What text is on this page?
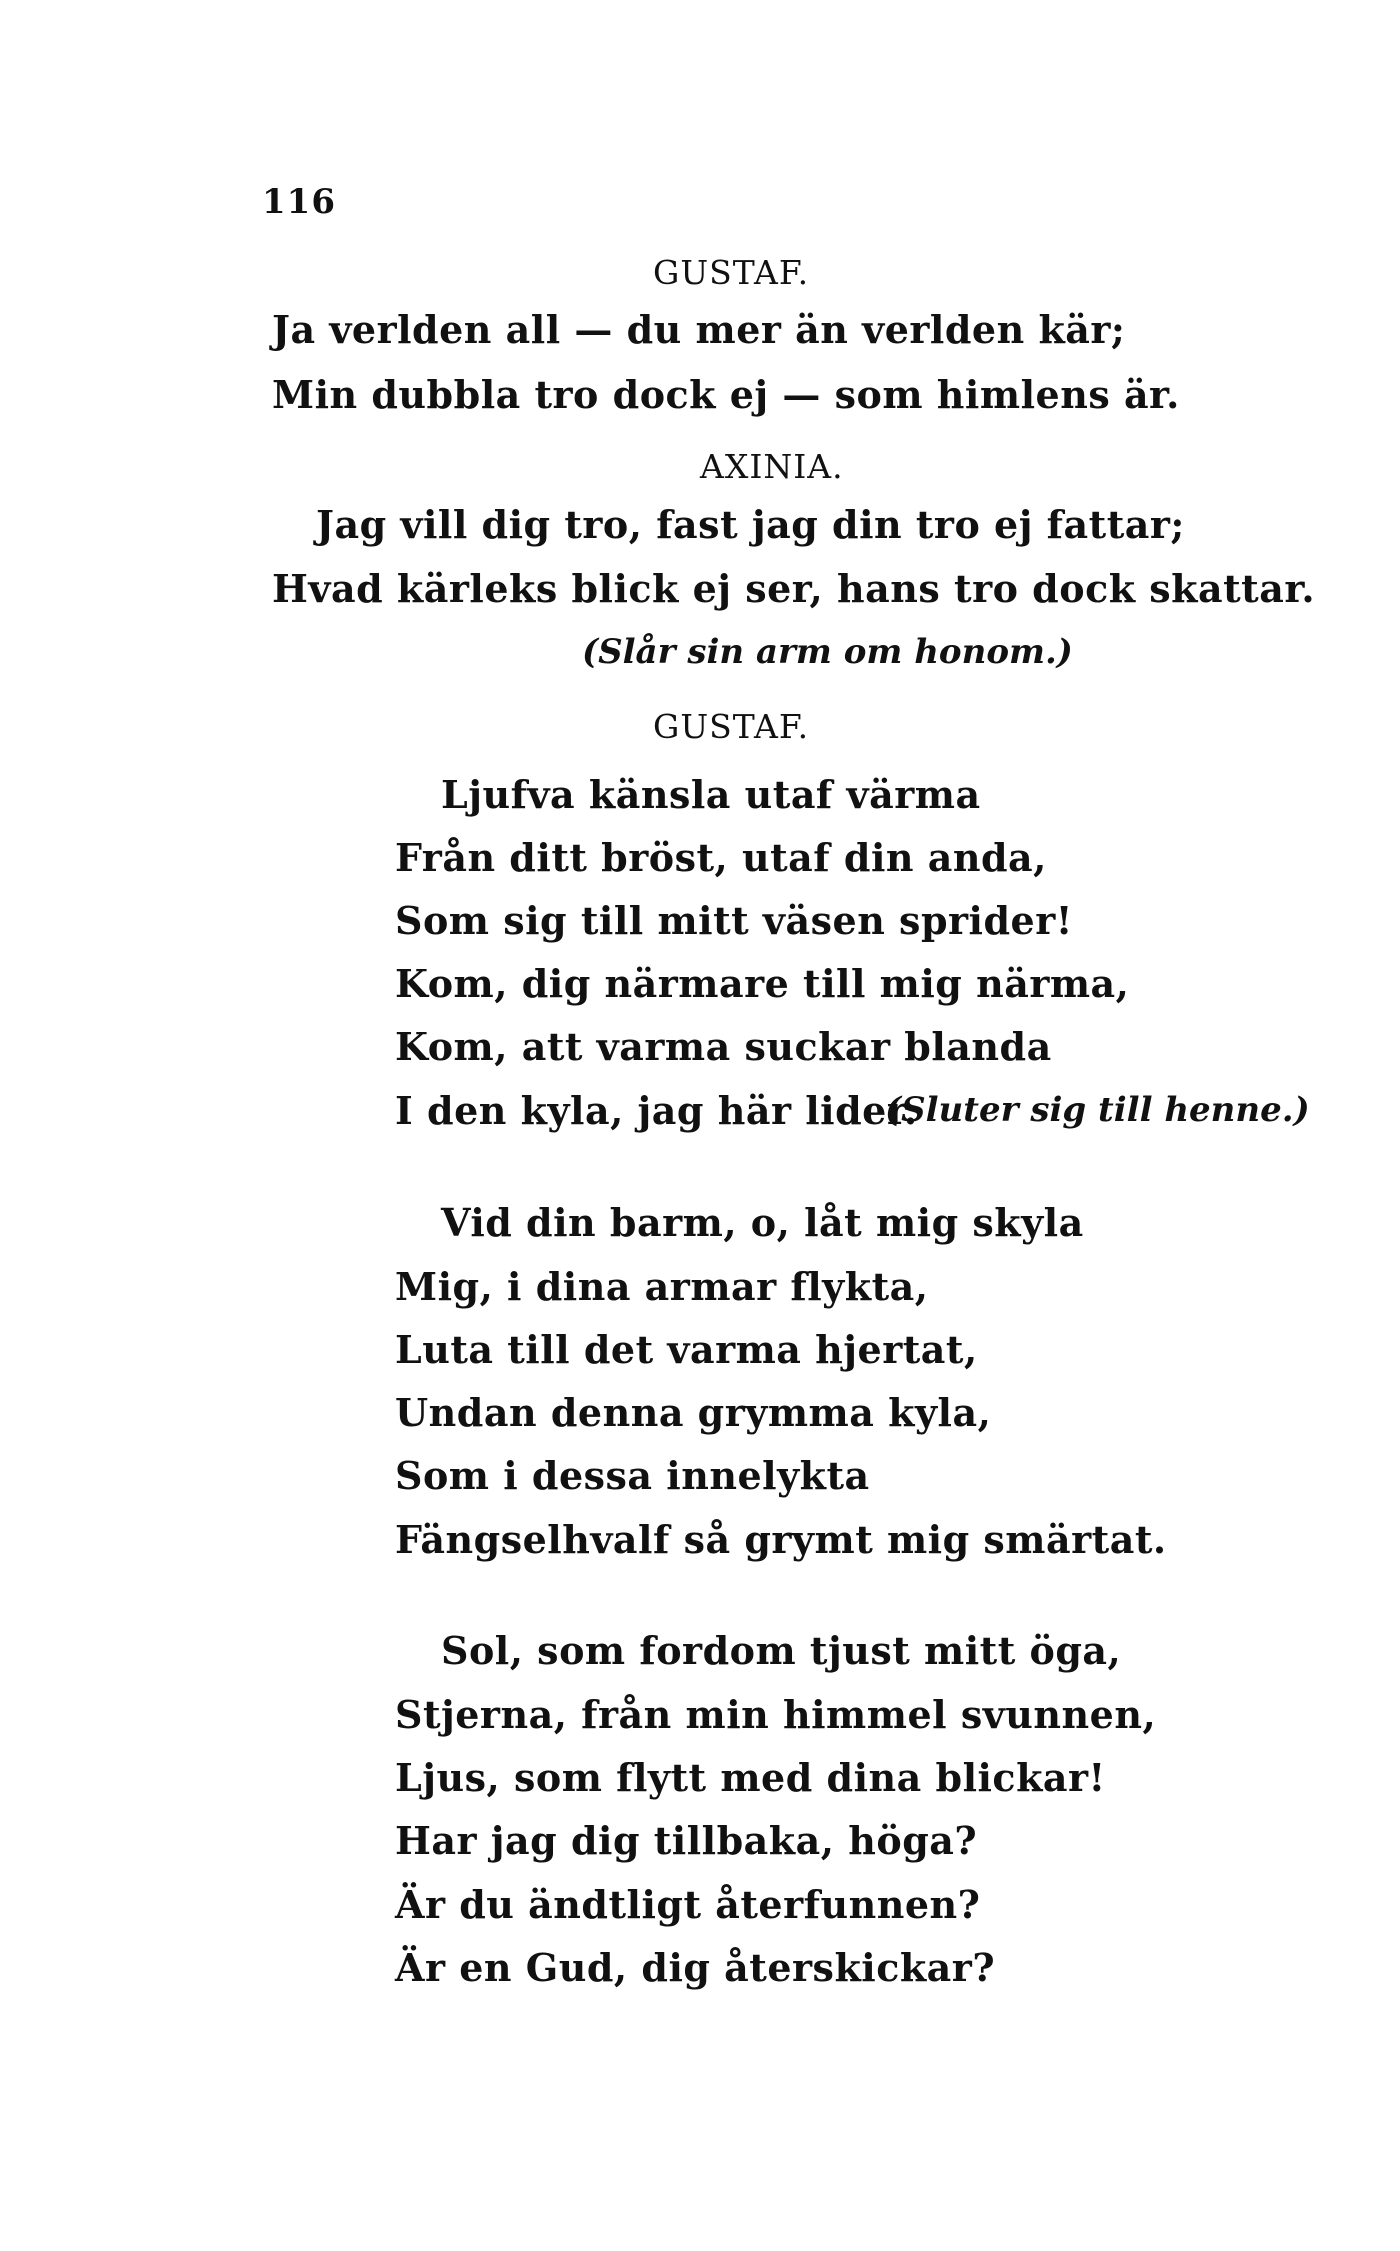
116
GUSTAF.
Ja verlden all — du mer än verlden kär;
Min dubbla tro dock ej — som himlens är.
AXINIA.
Jag vill dig tro, fast jag din tro ej fattar;
Hvad kärleks blick ej ser, hans tro dock skattar.
(Slår sin arm om honom.)
GUSTAF.
Ljufva känsla utaf värma
Från ditt bröst, utaf din anda,
Som sig till mitt väsen sprider!
Kom, dig närmare till mig närma,
Kom, att varma suckar blanda
I den kyla, jag här lider.
(Sluter sig till henne.)
Vid din barm, o, låt mig skyla
Mig, i dina armar flykta,
Luta till det varma hjertat,
Undan denna grymma kyla,
Som i dessa innelykta
Fängselhvalf så grymt mig smärtat.
Sol, som fordom tjust mitt öga,
Stjerna, från min himmel svunnen,
Ljus, som flytt med dina blickar!
Har jag dig tillbaka, höga?
Är du ändtligt återfunnen?
Är en Gud, dig återskickar?
